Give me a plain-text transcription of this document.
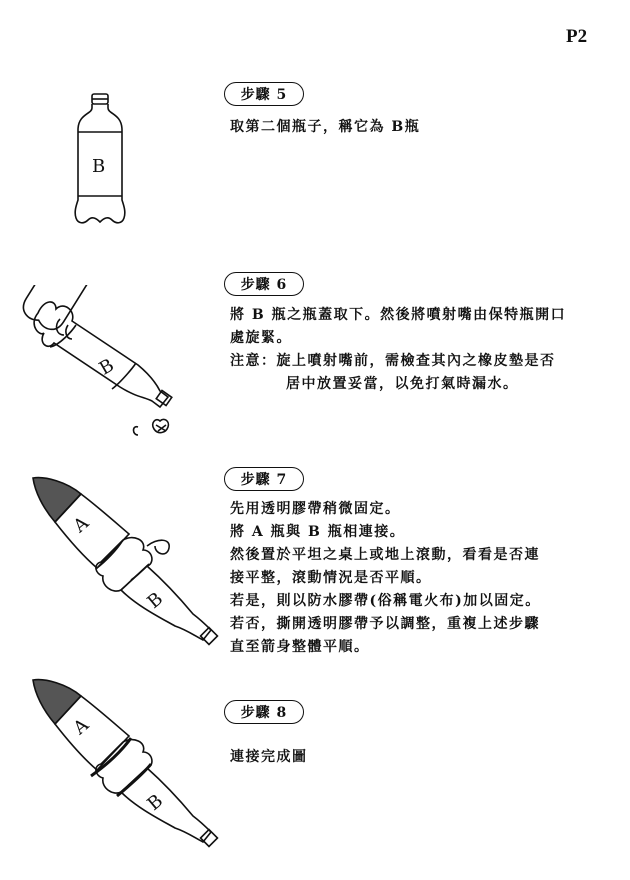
P2
步驟 5
取第二個瓶子，稱它為 B瓶
B
步驟 6
將 B 瓶之瓶蓋取下。然後將噴射嘴由保特瓶開口
處旋緊。
注意： 旋上噴射嘴前，需檢查其內之橡皮墊是否
居中放置妥當，以免打氣時漏水。
B
步驟 7
先用透明膠帶稍微固定。
將 A 瓶與 B 瓶相連接。
然後置於平坦之桌上或地上滾動，看看是否連
接平整，滾動情況是否平順。
若是，則以防水膠帶(俗稱電火布)加以固定。
若否，撕開透明膠帶予以調整，重複上述步驟
直至箭身整體平順。
A
B
步驟 8
連接完成圖
A
B
